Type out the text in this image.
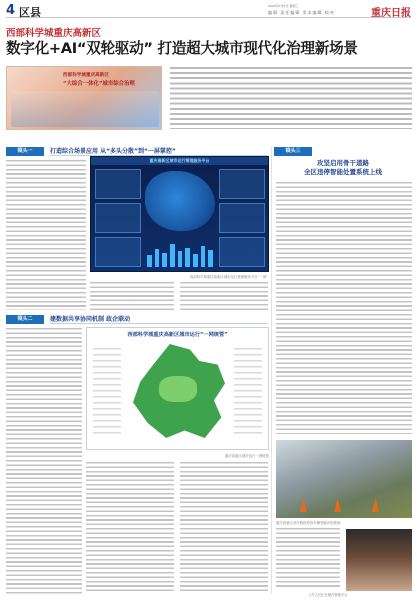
4 区县	2023年7月5日 星期三
编辑 责任编辑 美术编辑 校对	重庆日报
西部科学城重庆高新区
数字化+AI“双轮驱动” 打造超大城市现代化治理新场景
西部科学城重庆高新区
“大综合一体化”城市综合治理
镜头一	打造综合场景应用 从“多头分散”到“一屏掌控”
重庆高新区城市运行管理服务平台
西部科学城重庆高新区城市运行管理服务平台“一屏”
镜头二	建数据共享协同机制 政企联动
西部科学城重庆高新区城市运行“一网统管”
重庆高新区城市运行一网统管
镜头三
攻坚启用骨干道路
全区违停智能处置系统上线
重庆高新区部分路段停放车辆智能识别系统
工作人员正在操作管理平台
